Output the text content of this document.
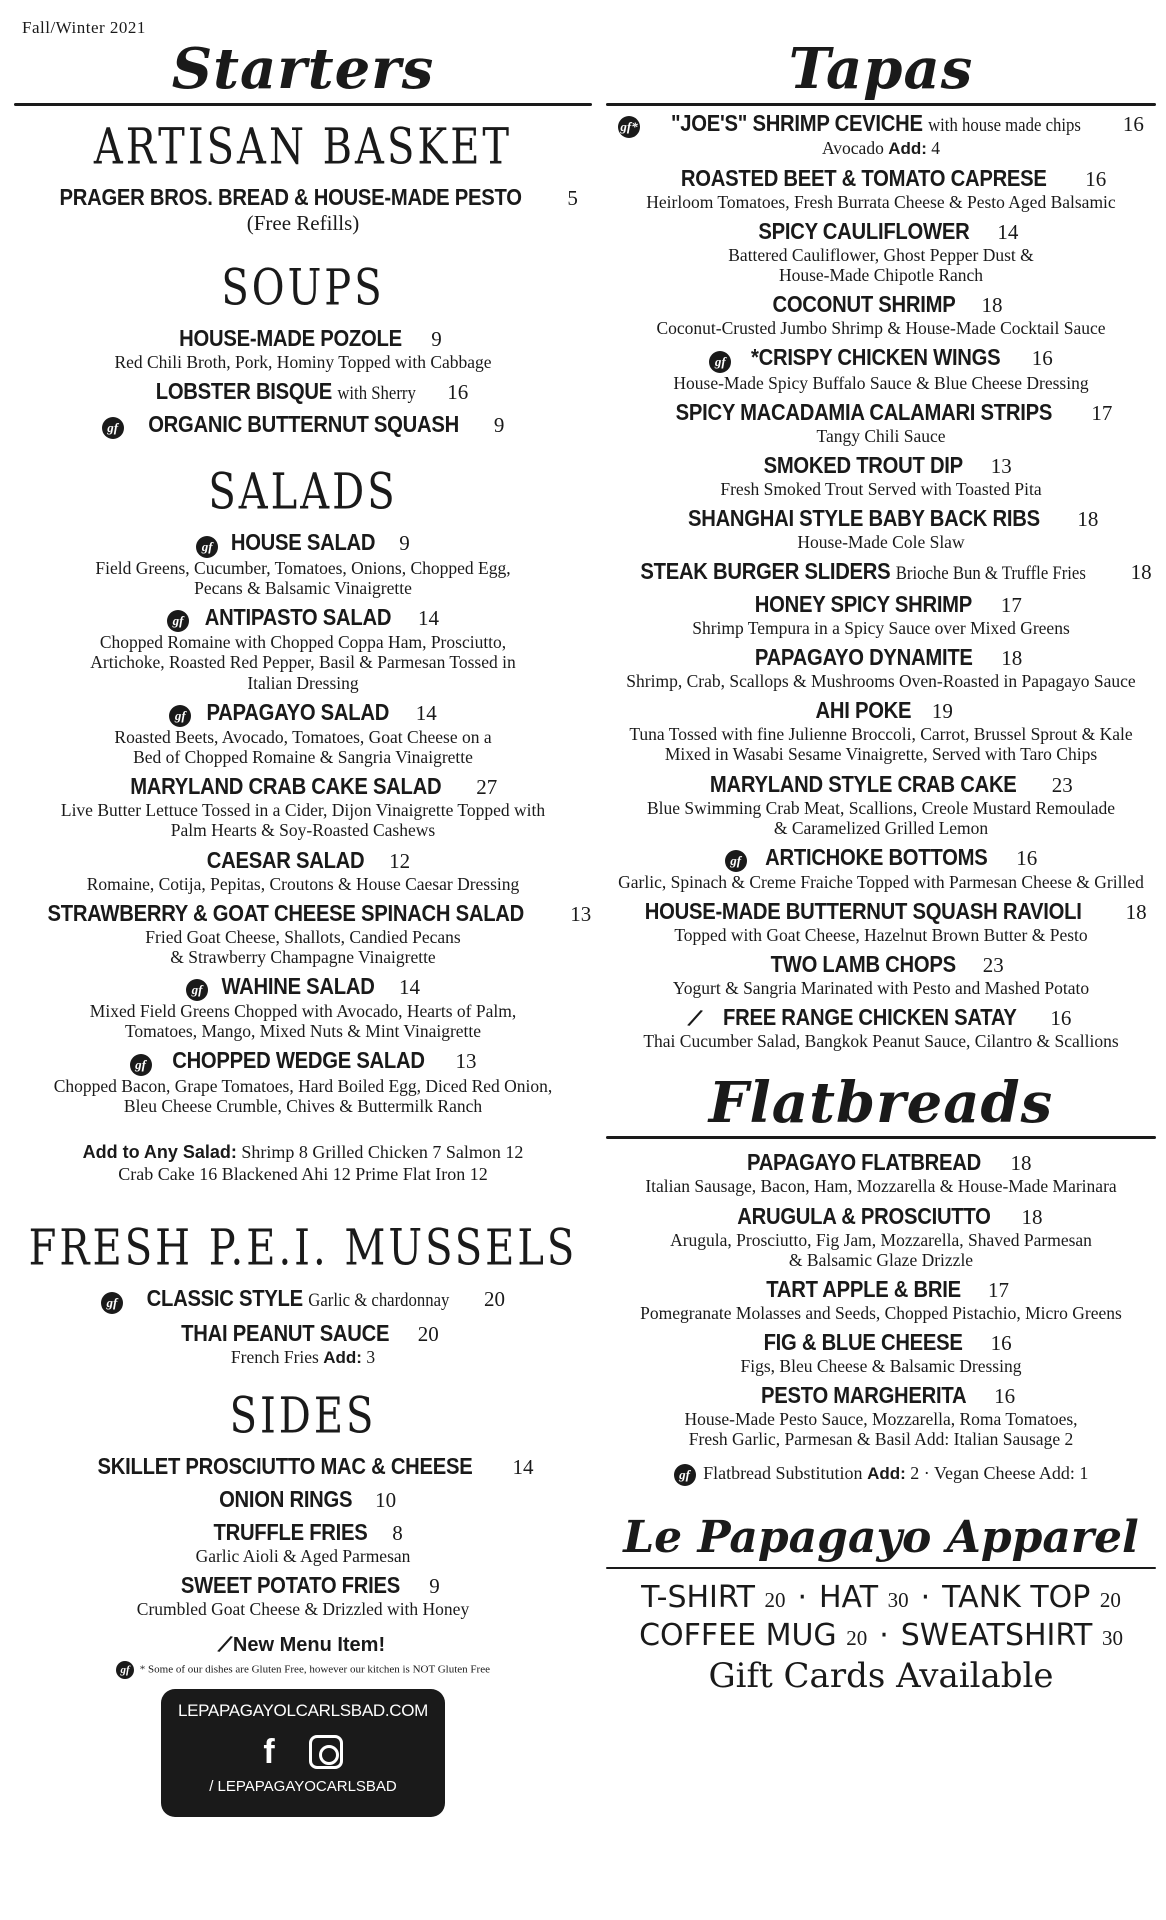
Fall/Winter 2021
Starters
ARTISAN BASKET
PRAGER BROS. BREAD & HOUSE-MADE PESTO 5
(Free Refills)
SOUPS
HOUSE-MADE POZOLE 9
Red Chili Broth, Pork, Hominy Topped with Cabbage
LOBSTER BISQUE with Sherry 16
gf ORGANIC BUTTERNUT SQUASH 9
SALADS
gf HOUSE SALAD 9
Field Greens, Cucumber, Tomatoes, Onions, Chopped Egg,
Pecans & Balsamic Vinaigrette
gf ANTIPASTO SALAD 14
Chopped Romaine with Chopped Coppa Ham, Prosciutto,
Artichoke, Roasted Red Pepper, Basil & Parmesan Tossed in
Italian Dressing
gf PAPAGAYO SALAD 14
Roasted Beets, Avocado, Tomatoes, Goat Cheese on a
Bed of Chopped Romaine & Sangria Vinaigrette
MARYLAND CRAB CAKE SALAD 27
Live Butter Lettuce Tossed in a Cider, Dijon Vinaigrette Topped with
Palm Hearts & Soy-Roasted Cashews
CAESAR SALAD 12
Romaine, Cotija, Pepitas, Croutons & House Caesar Dressing
STRAWBERRY & GOAT CHEESE SPINACH SALAD 13
Fried Goat Cheese, Shallots, Candied Pecans
& Strawberry Champagne Vinaigrette
gf WAHINE SALAD 14
Mixed Field Greens Chopped with Avocado, Hearts of Palm,
Tomatoes, Mango, Mixed Nuts & Mint Vinaigrette
gf CHOPPED WEDGE SALAD 13
Chopped Bacon, Grape Tomatoes, Hard Boiled Egg, Diced Red Onion,
Bleu Cheese Crumble, Chives & Buttermilk Ranch
Add to Any Salad: Shrimp 8 Grilled Chicken 7 Salmon 12
Crab Cake 16 Blackened Ahi 12 Prime Flat Iron 12
FRESH P.E.I. MUSSELS
gf CLASSIC STYLE Garlic & chardonnay 20
THAI PEANUT SAUCE 20
French Fries Add: 3
SIDES
SKILLET PROSCIUTTO MAC & CHEESE 14
ONION RINGS 10
TRUFFLE FRIES 8
Garlic Aioli & Aged Parmesan
SWEET POTATO FRIES 9
Crumbled Goat Cheese & Drizzled with Honey
/New Menu Item!
gf * Some of our dishes are Gluten Free, however our kitchen is NOT Gluten Free
LEPAPAGAYOLCARLSBAD.COM
f
/ LEPAPAGAYOCARLSBAD
Tapas
gf* "JOE'S" SHRIMP CEVICHE with house made chips 16
Avocado Add: 4
ROASTED BEET & TOMATO CAPRESE 16
Heirloom Tomatoes, Fresh Burrata Cheese & Pesto Aged Balsamic
SPICY CAULIFLOWER 14
Battered Cauliflower, Ghost Pepper Dust &
House-Made Chipotle Ranch
COCONUT SHRIMP 18
Coconut-Crusted Jumbo Shrimp & House-Made Cocktail Sauce
gf *CRISPY CHICKEN WINGS 16
House-Made Spicy Buffalo Sauce & Blue Cheese Dressing
SPICY MACADAMIA CALAMARI STRIPS 17
Tangy Chili Sauce
SMOKED TROUT DIP 13
Fresh Smoked Trout Served with Toasted Pita
SHANGHAI STYLE BABY BACK RIBS 18
House-Made Cole Slaw
STEAK BURGER SLIDERS Brioche Bun & Truffle Fries 18
HONEY SPICY SHRIMP 17
Shrimp Tempura in a Spicy Sauce over Mixed Greens
PAPAGAYO DYNAMITE 18
Shrimp, Crab, Scallops & Mushrooms Oven-Roasted in Papagayo Sauce
AHI POKE 19
Tuna Tossed with fine Julienne Broccoli, Carrot, Brussel Sprout & Kale
Mixed in Wasabi Sesame Vinaigrette, Served with Taro Chips
MARYLAND STYLE CRAB CAKE 23
Blue Swimming Crab Meat, Scallions, Creole Mustard Remoulade
& Caramelized Grilled Lemon
gf ARTICHOKE BOTTOMS 16
Garlic, Spinach & Creme Fraiche Topped with Parmesan Cheese & Grilled
HOUSE-MADE BUTTERNUT SQUASH RAVIOLI 18
Topped with Goat Cheese, Hazelnut Brown Butter & Pesto
TWO LAMB CHOPS 23
Yogurt & Sangria Marinated with Pesto and Mashed Potato
/ FREE RANGE CHICKEN SATAY 16
Thai Cucumber Salad, Bangkok Peanut Sauce, Cilantro & Scallions
Flatbreads
PAPAGAYO FLATBREAD 18
Italian Sausage, Bacon, Ham, Mozzarella & House-Made Marinara
ARUGULA & PROSCIUTTO 18
Arugula, Prosciutto, Fig Jam, Mozzarella, Shaved Parmesan
& Balsamic Glaze Drizzle
TART APPLE & BRIE 17
Pomegranate Molasses and Seeds, Chopped Pistachio, Micro Greens
FIG & BLUE CHEESE 16
Figs, Bleu Cheese & Balsamic Dressing
PESTO MARGHERITA 16
House-Made Pesto Sauce, Mozzarella, Roma Tomatoes,
Fresh Garlic, Parmesan & Basil Add: Italian Sausage 2
gf Flatbread Substitution Add: 2 · Vegan Cheese Add: 1
Le Papagayo Apparel
T-SHIRT 20 · HAT 30 · TANK TOP 20
COFFEE MUG 20 · SWEATSHIRT 30
Gift Cards Available
